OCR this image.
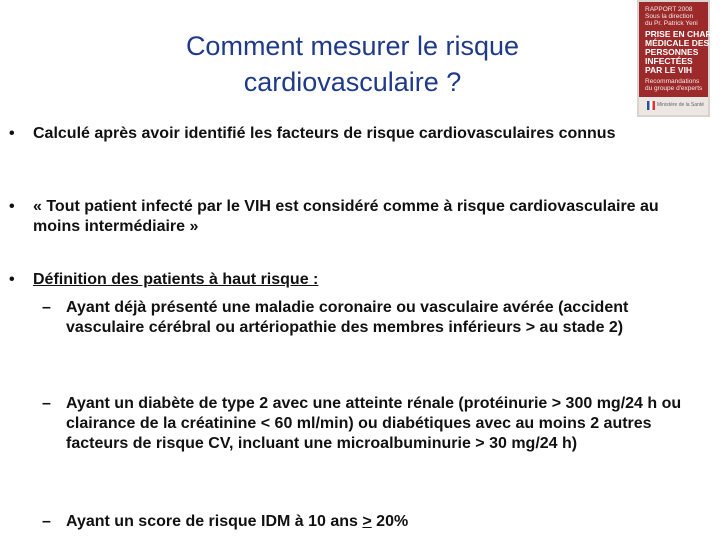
Comment mesurer le risque
cardiovasculaire ?
RAPPORT 2008
Sous la direction
du Pr. Patrick Yeni
PRISE EN CHARGE
MÉDICALE DES
PERSONNES
INFECTÉES
PAR LE VIH
Recommandations
du groupe d'experts
Ministère de la Santé
• Calculé après avoir identifié les facteurs de risque cardiovasculaires connus
• « Tout patient infecté par le VIH est considéré comme à risque cardiovasculaire au moins intermédiaire »
• Définition des patients à haut risque :
– Ayant déjà présenté une maladie coronaire ou vasculaire avérée (accident vasculaire cérébral ou artériopathie des membres inférieurs > au stade 2)
– Ayant un diabète de type 2 avec une atteinte rénale (protéinurie > 300 mg/24 h ou clairance de la créatinine < 60 ml/min) ou diabétiques avec au moins 2 autres facteurs de risque CV, incluant une microalbuminurie > 30 mg/24 h)
– Ayant un score de risque IDM à 10 ans ≥ 20%
